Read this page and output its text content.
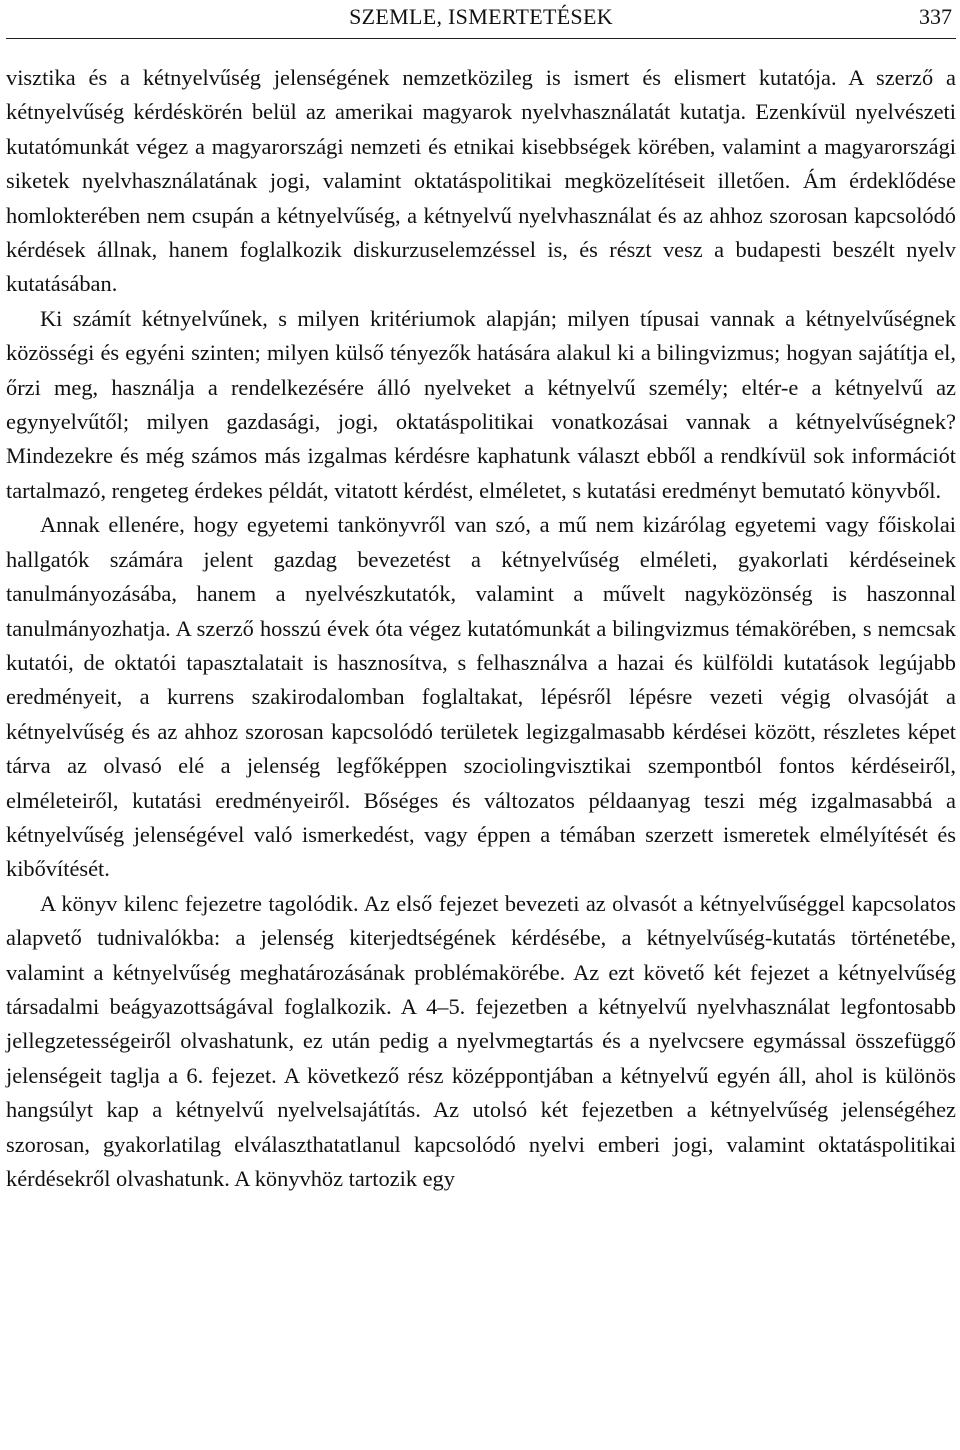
SZEMLE, ISMERTETÉSEK	337

visztika és a kétnyelvűség jelenségének nemzetközileg is ismert és elismert kutatója. A szerző a kétnyelvűség kérdéskörén belül az amerikai magyarok nyelvhasználatát kutatja. Ezenkívül nyelvészeti kutatómunkát végez a magyarországi nemzeti és etnikai kisebbségek körében, valamint a magyarországi siketek nyelvhasználatának jogi, valamint oktatáspolitikai megközelítéseit illetően. Ám érdeklődése homlokterében nem csupán a kétnyelvűség, a kétnyelvű nyelvhasználat és az ahhoz szorosan kapcsolódó kérdések állnak, hanem foglalkozik diskurzuselemzéssel is, és részt vesz a budapesti beszélt nyelv kutatásában.

Ki számít kétnyelvűnek, s milyen kritériumok alapján; milyen típusai vannak a kétnyelvűségnek közösségi és egyéni szinten; milyen külső tényezők hatására alakul ki a bilingvizmus; hogyan sajátítja el, őrzi meg, használja a rendelkezésére álló nyelveket a kétnyelvű személy; eltér-e a kétnyelvű az egynyelvűtől; milyen gazdasági, jogi, oktatáspolitikai vonatkozásai vannak a kétnyelvűségnek? Mindezekre és még számos más izgalmas kérdésre kaphatunk választ ebből a rendkívül sok információt tartalmazó, rengeteg érdekes példát, vitatott kérdést, elméletet, s kutatási eredményt bemutató könyvből.

Annak ellenére, hogy egyetemi tankönyvről van szó, a mű nem kizárólag egyetemi vagy főiskolai hallgatók számára jelent gazdag bevezetést a kétnyelvűség elméleti, gyakorlati kérdéseinek tanulmányozásába, hanem a nyelvészkutatók, valamint a művelt nagyközönség is haszonnal tanulmányozhatja. A szerző hosszú évek óta végez kutatómunkát a bilingvizmus témakörében, s nemcsak kutatói, de oktatói tapasztalatait is hasznosítva, s felhasználva a hazai és külföldi kutatások legújabb eredményeit, a kurrens szakirodalomban foglaltakat, lépésről lépésre vezeti végig olvasóját a kétnyelvűség és az ahhoz szorosan kapcsolódó területek legizgalmasabb kérdései között, részletes képet tárva az olvasó elé a jelenség legfőképpen szociolingvisztikai szempontból fontos kérdéseiről, elméleteiről, kutatási eredményeiről. Bőséges és változatos példaanyag teszi még izgalmasabbá a kétnyelvűség jelenségével való ismerkedést, vagy éppen a témában szerzett ismeretek elmélyítését és kibővítését.

A könyv kilenc fejezetre tagolódik. Az első fejezet bevezeti az olvasót a kétnyelvűséggel kapcsolatos alapvető tudnivalókba: a jelenség kiterjedtségének kérdésébe, a kétnyelvűség-kutatás történetébe, valamint a kétnyelvűség meghatározásának problémakörébe. Az ezt követő két fejezet a kétnyelvűség társadalmi beágyazottságával foglalkozik. A 4–5. fejezetben a kétnyelvű nyelvhasználat legfontosabb jellegzetességeiről olvashatunk, ez után pedig a nyelvmegtartás és a nyelvcsere egymással összefüggő jelenségeit taglja a 6. fejezet. A következő rész középpontjában a kétnyelvű egyén áll, ahol is különös hangsúlyt kap a kétnyelvű nyelvelsajátítás. Az utolsó két fejezetben a kétnyelvűség jelenségéhez szorosan, gyakorlatilag elválaszthatatlanul kapcsolódó nyelvi emberi jogi, valamint oktatáspolitikai kérdésekről olvashatunk. A könyvhöz tartozik egy
